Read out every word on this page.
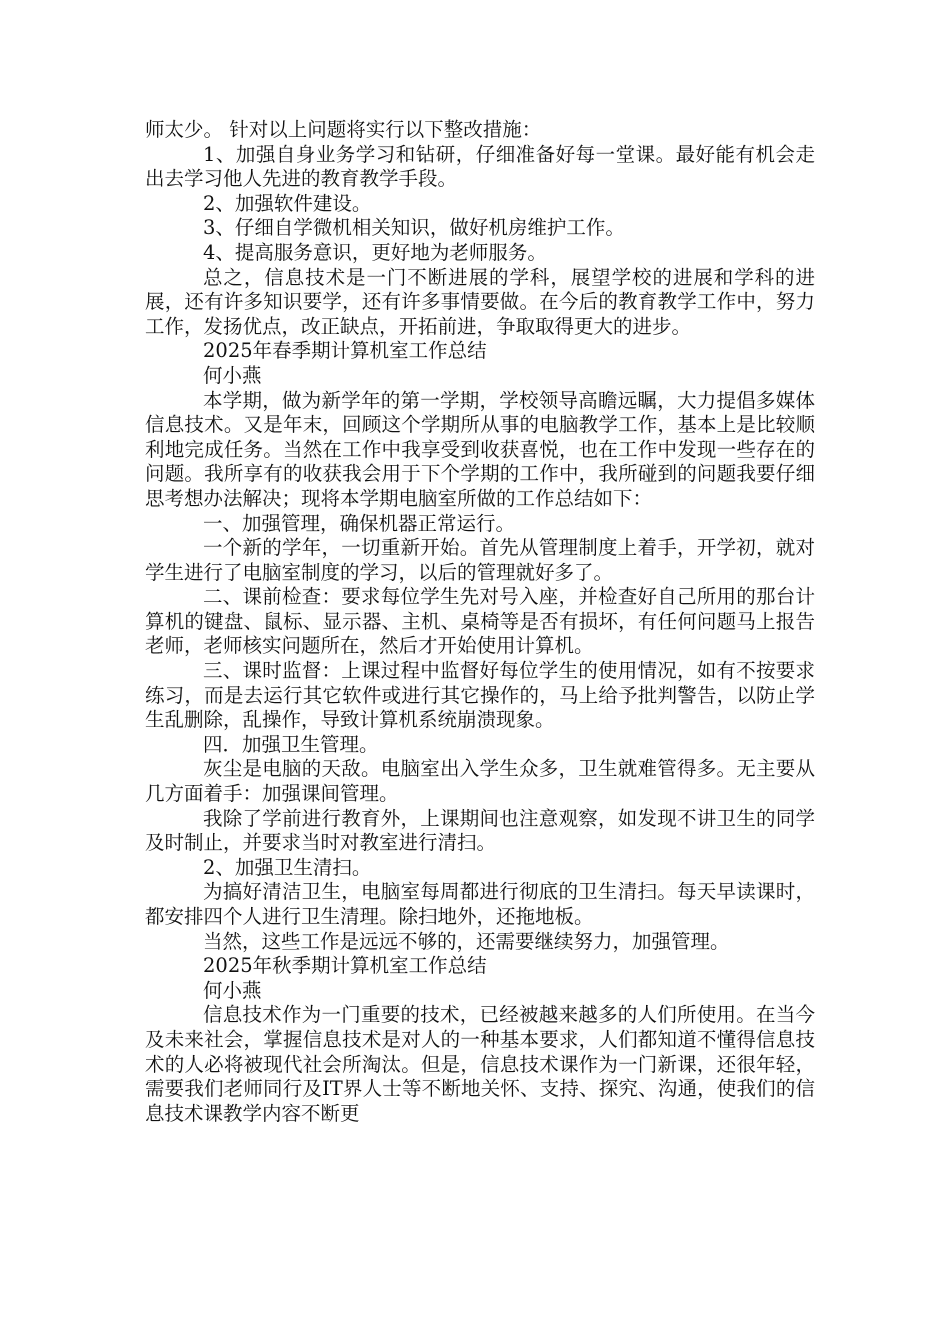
师太少。 针对以上问题将实行以下整改措施：

1、加强自身业务学习和钻研，仔细准备好每一堂课。最好能有机会走出去学习他人先进的教育教学手段。

2、加强软件建设。

3、仔细自学微机相关知识，做好机房维护工作。

4、提高服务意识，更好地为老师服务。

总之，信息技术是一门不断进展的学科，展望学校的进展和学科的进展，还有许多知识要学，还有许多事情要做。在今后的教育教学工作中，努力工作，发扬优点，改正缺点，开拓前进，争取取得更大的进步。

2025年春季期计算机室工作总结

何小燕

本学期，做为新学年的第一学期，学校领导高瞻远瞩，大力提倡多媒体信息技术。又是年末，回顾这个学期所从事的电脑教学工作，基本上是比较顺利地完成任务。当然在工作中我享受到收获喜悦，也在工作中发现一些存在的问题。我所享有的收获我会用于下个学期的工作中，我所碰到的问题我要仔细思考想办法解决；现将本学期电脑室所做的工作总结如下：

一、加强管理，确保机器正常运行。

一个新的学年，一切重新开始。首先从管理制度上着手，开学初，就对学生进行了电脑室制度的学习，以后的管理就好多了。

二、课前检查：要求每位学生先对号入座，并检查好自己所用的那台计算机的键盘、鼠标、显示器、主机、桌椅等是否有损坏，有任何问题马上报告老师，老师核实问题所在，然后才开始使用计算机。

三、课时监督：上课过程中监督好每位学生的使用情况，如有不按要求练习，而是去运行其它软件或进行其它操作的，马上给予批判警告，以防止学生乱删除，乱操作，导致计算机系统崩溃现象。

四．加强卫生管理。

灰尘是电脑的天敌。电脑室出入学生众多，卫生就难管得多。无主要从几方面着手：加强课间管理。

我除了学前进行教育外，上课期间也注意观察，如发现不讲卫生的同学及时制止，并要求当时对教室进行清扫。

2、加强卫生清扫。

为搞好清洁卫生，电脑室每周都进行彻底的卫生清扫。每天早读课时，都安排四个人进行卫生清理。除扫地外，还拖地板。

当然，这些工作是远远不够的，还需要继续努力，加强管理。

2025年秋季期计算机室工作总结

何小燕

信息技术作为一门重要的技术，已经被越来越多的人们所使用。在当今及未来社会，掌握信息技术是对人的一种基本要求，人们都知道不懂得信息技术的人必将被现代社会所淘汰。但是，信息技术课作为一门新课，还很年轻，需要我们老师同行及IT界人士等不断地关怀、支持、探究、沟通，使我们的信息技术课教学内容不断更
